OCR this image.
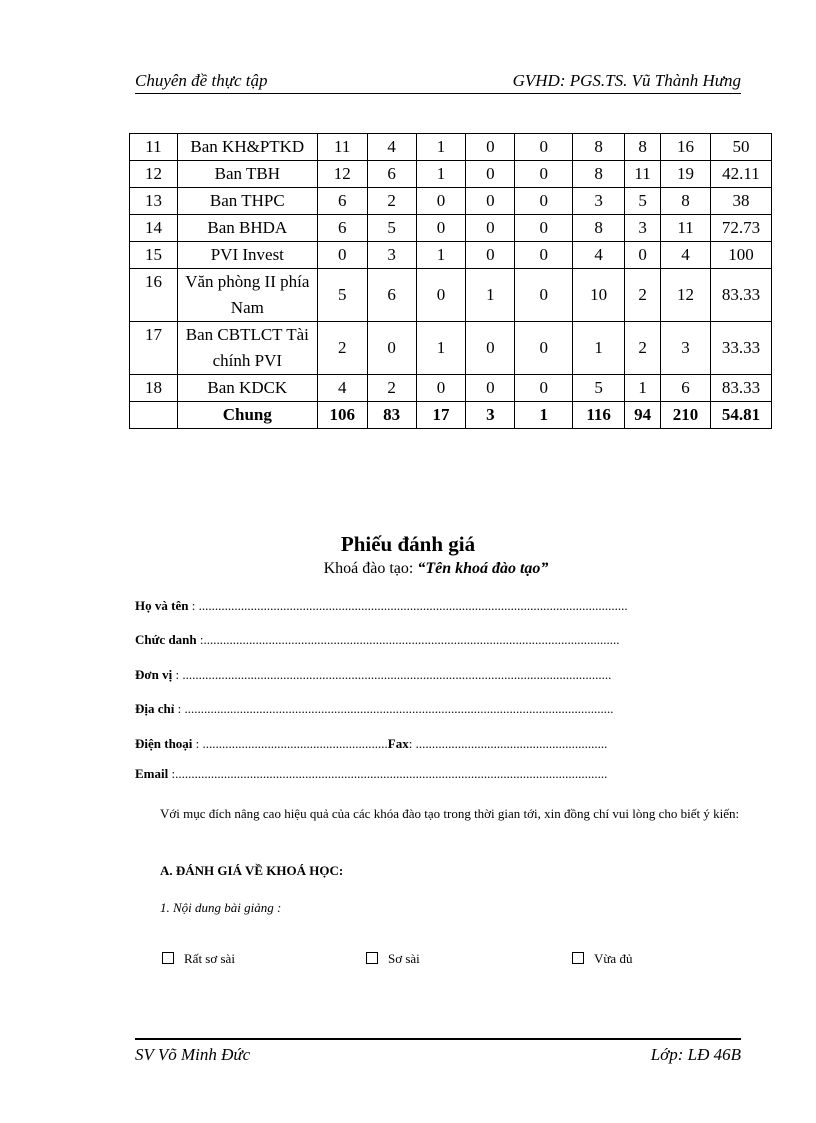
Chuyên đề thực tập	GVHD: PGS.TS. Vũ Thành Hưng
11	Ban KH&PTKD	11	4	1	0	0	8	8	16	50
12	Ban TBH	12	6	1	0	0	8	11	19	42.11
13	Ban THPC	6	2	0	0	0	3	5	8	38
14	Ban BHDA	6	5	0	0	0	8	3	11	72.73
15	PVI Invest	0	3	1	0	0	4	0	4	100
16	Văn phòng II phía Nam	5	6	0	1	0	10	2	12	83.33
17	Ban CBTLCT Tài chính PVI	2	0	1	0	0	1	2	3	33.33
18	Ban KDCK	4	2	0	0	0	5	1	6	83.33
	Chung	106	83	17	3	1	116	94	210	54.81
Phiếu đánh giá
Khoá đào tạo: “Tên khoá đào tạo”
Họ và tên : ....................................................................................................................................
Chức danh :................................................................................................................................
Đơn vị : ....................................................................................................................................
Địa chỉ : ....................................................................................................................................
Điện thoại : .........................................................Fax: ...........................................................
Email :.....................................................................................................................................
Với mục đích nâng cao hiệu quả của các khóa đào tạo trong thời gian tới, xin đồng chí vui lòng cho biết ý kiến:
A. ĐÁNH GIÁ VỀ KHOÁ HỌC:
1. Nội dung bài giảng :
Rất sơ sài	Sơ sài	Vừa đủ
SV Võ Minh Đức	Lớp: LĐ 46B
